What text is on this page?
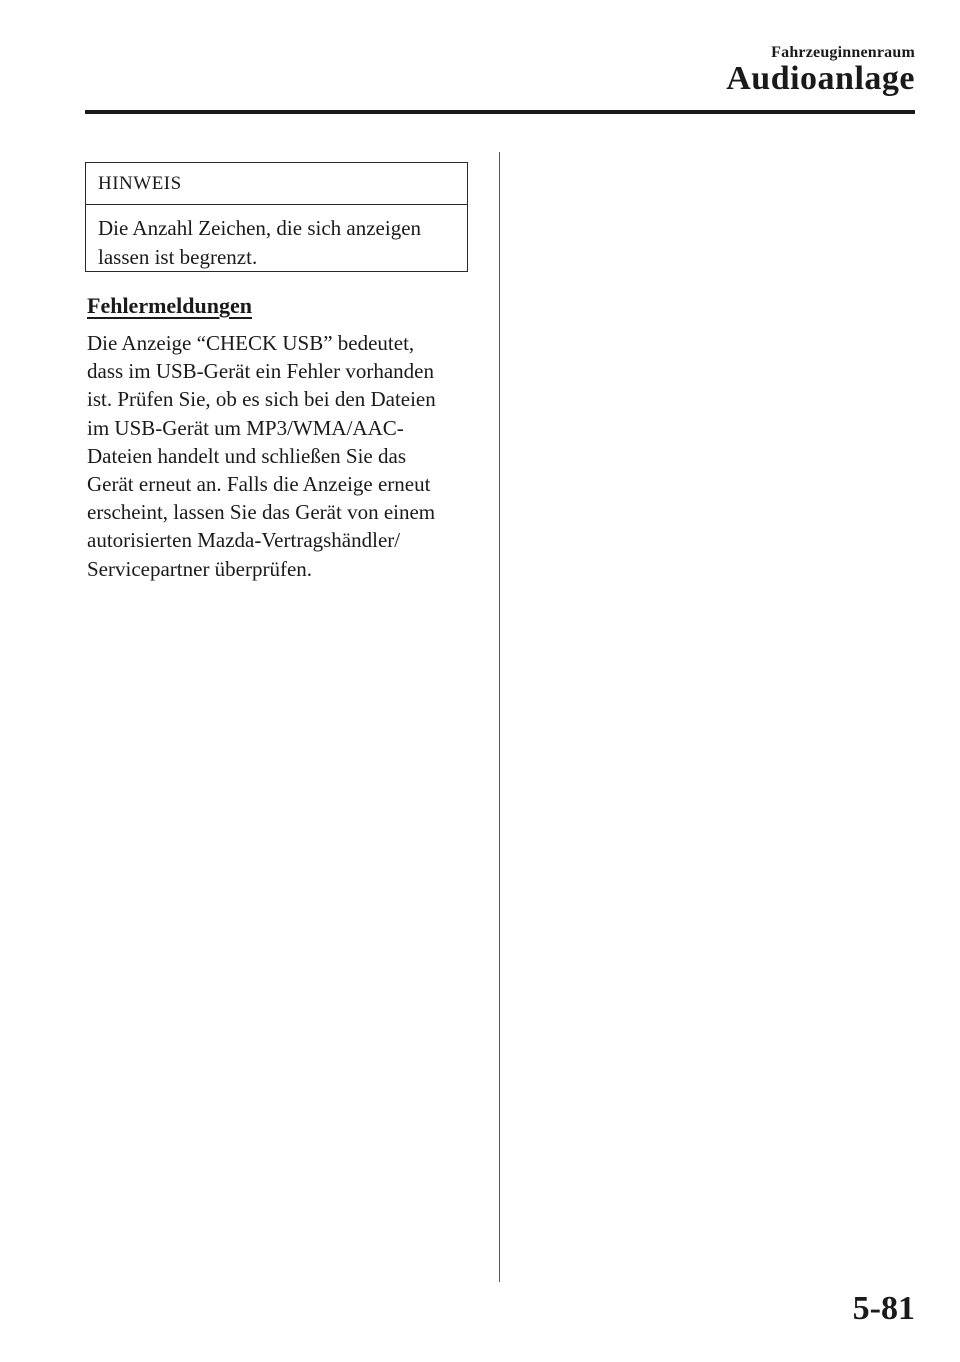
Fahrzeuginnenraum
Audioanlage
HINWEIS
Die Anzahl Zeichen, die sich anzeigen
lassen ist begrenzt.
Fehlermeldungen
Die Anzeige “CHECK USB” bedeutet,
dass im USB-Gerät ein Fehler vorhanden
ist. Prüfen Sie, ob es sich bei den Dateien
im USB-Gerät um MP3/WMA/AAC-
Dateien handelt und schließen Sie das
Gerät erneut an. Falls die Anzeige erneut
erscheint, lassen Sie das Gerät von einem
autorisierten Mazda-Vertragshändler/
Servicepartner überprüfen.
5-81
